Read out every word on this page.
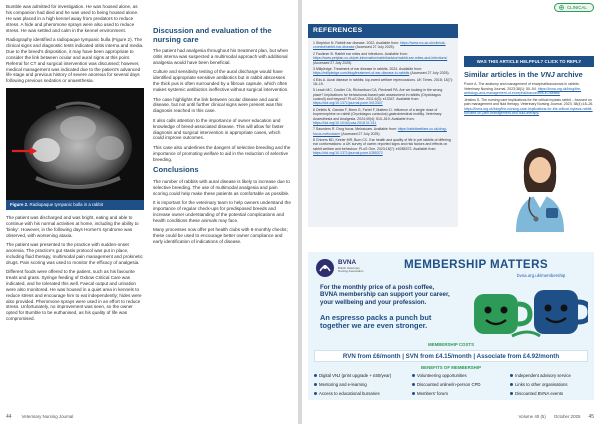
Bumble was admitted for investigation. He was housed alone, as his companion had died and he was used to being housed alone. He was placed in a high kennel away from predators to reduce stress. A hide and pheromone sprays were also used to reduce stress. He was settled and calm in the kennel environment.

Radiography identified a radiopaque tympanic bulla (Figure 2). The clinical signs and diagnostic tests indicated otitis interna and media. Due to the breed's disposition, it may have been appropriate to consider the link between ocular and aural signs at this point. Referral for CT and surgical intervention was discussed; however, medical management was indicated due to the patient's advanced life stage and previous history of severe anorexia for several days following previous sedation or anaesthesia.

Figure 2. Radiopaque tympanic bulla in a rabbit

The patient was discharged and was bright, eating and able to continue with his normal activities at home, including the ability to 'binky'. However, in the following days Horner's syndrome was observed, with worsening ataxia.

The patient was presented to the practice with sudden-onset anorexia. The practice's gut stasis protocol was put in place, including fluid therapy, multimodal pain management and prokinetic drugs. Pain scoring was used to monitor the efficacy of analgesia.

Different foods were offered to the patient, such as his favourite treats and grass. Syringe feeding of Oxbow Critical Care was indicated, and he tolerated this well. Faecal output and urination were also monitored. He was housed in a quiet area in kennels to reduce stress and encourage him to eat independently; hides were also provided. Pheromone sprays were used in an effort to reduce stress. Unfortunately, no improvement was seen, so the owner opted for Bumble to be euthanised, as his quality of life was compromised.

Discussion and evaluation of the nursing care

The patient had analgesia throughout his treatment plan, but when otitis interna was suspected a multimodal approach with additional analgesia would have been beneficial.

Culture and sensitivity testing of the aural discharge would have identified appropriate sensitive antibiotics but in rabbit abscesses the thick pus is often surrounded by a fibrous capsule, which often makes systemic antibiotics ineffective without surgical intervention.

The case highlights the link between ocular disease and aural disease, but not until further clinical signs were present was this diagnosis reached in this case.

It also calls attention to the importance of owner education and knowledge of breed-associated disease. This will allow for faster diagnosis and surgical intervention in appropriate cases, which could improve outcomes.

This case also underlines the dangers of selective breeding and the importance of promoting welfare to aid in the reduction of selective breeding.

Conclusions

The number of rabbits with aural disease is likely to increase due to selective breeding. The use of multimodal analgesia and pain scoring could help make these patients as comfortable as possible.

It is important for the veterinary team to help owners understand the importance of regular check-ups for predisposed breeds and increase owner understanding of the potential complications and health conditions these animals may face.

Many processes now offer pet health clubs with 6-monthly checks; these could be used to encourage better owner compliance and early identification of indications of disease.

44 Veterinary Nursing Journal
CLINICAL
REFERENCES
1 Stephton N. Rabbit ear disease. 2022. Available from: https://www.rvc.ac.uk/clinical-connect/rabbit-ear-disease (Accessed 27 July 2025).
2 Faulkner B. Rabbit ear mites and infections. Available from: https://www.petplan.co.uk/pet-information/rabbit/advice/rabbit-ear-mites-and-infections/ (Accessed 27 July 2025).
3 Millpledge. Treatment of ear disease in rabbits. 2024. Available from: https://millpledge.com/blog/treatment-of-ear-disease-in-rabbits (Accessed 27 July 2025).
4 Eds A. Aural disease in rabbits: lop-eared welfare repercussions. UK Times. 2018; 18(7): 18–19.
5 Leach MC, Coulter CA, Richardson CA, Flecknell PA. Are we looking in the wrong place? Implications for behavioural-based pain assessment in rabbits (Oryctolagus cuniculi) and beyond? PLoS One. 2011;6(3): e13347. Available from: https://doi.org/10.1371/journal.pone.0013347
6 Oefelis N, Gandar F, Brem G, Farrel F, Mattern D. Influence of a single dose of buprenorphine on rabbit (Oryctolagus cuniculus) gastrointestinal motility. Veterinary Anaesthesia and Analgesia. 2024;49(4): 510–519. Available from: https://doi.org/10.1016/j.vaa.2018.01.011
7 Saunders R. Drug focus: Meloxicam. Available from: https://rabbitwelfare.co.uk/drug-focus-meloxicam/ (Accessed 27 July 2025).
8 Chivers BD, Keeler MR, Burn CC. Ear health and quality of life in pet rabbits of differing ear conformations: a UK survey of owner-reported signs and risk factors and effects on rabbit welfare and behaviour. PLoS One. 2023;18(7): e0285372. Available from: https://doi.org/10.1371/journal.pone.0285372
WAS THIS ARTICLE HELPFUL? CLICK TO REPLY
Similar articles in the VNJ archive

Poore A. The anatomy and management of encephalitozoonosis in rabbits. Veterinary Nursing Journal. 2023;38(1): 50–54. https://bvna.org.uk/blog/the-aetiology-and-management-of-encephalitozoonosis-in-rabbits/

Jenkins S. The nursing care implications for the critical myiasis rabbit – focused on pain management and fluid therapy. Veterinary Nursing Journal. 2023; 38(4):18–26. https://bvna.org.uk/blog/the-nursing-care-implications-for-the-critical-myiasis-rabbit-focused-on-pain-management-and-fluid-therapy/

BVNA
British Veterinary Nursing Association
MEMBERSHIP MATTERS
bvna.org.uk/membership
For the monthly price of a posh coffee, BVNA membership can support your career, your wellbeing and your profession.
An espresso packs a punch but together we are even stronger.
MEMBERSHIP COSTS
RVN from £6/month | SVN from £4.15/month | Associate from £4.92/month
BENEFITS OF MEMBERSHIP
Digital VNJ (print upgrade + £60/year)	Volunteering opportunities	Independent advisory service
Mentoring and e-learning	Discounted online/in-person CPD	Links to other organisations
Access to educational bursaries	Members' forum	Discounted BVNA events
Volume 40 (5) October 2025 45
